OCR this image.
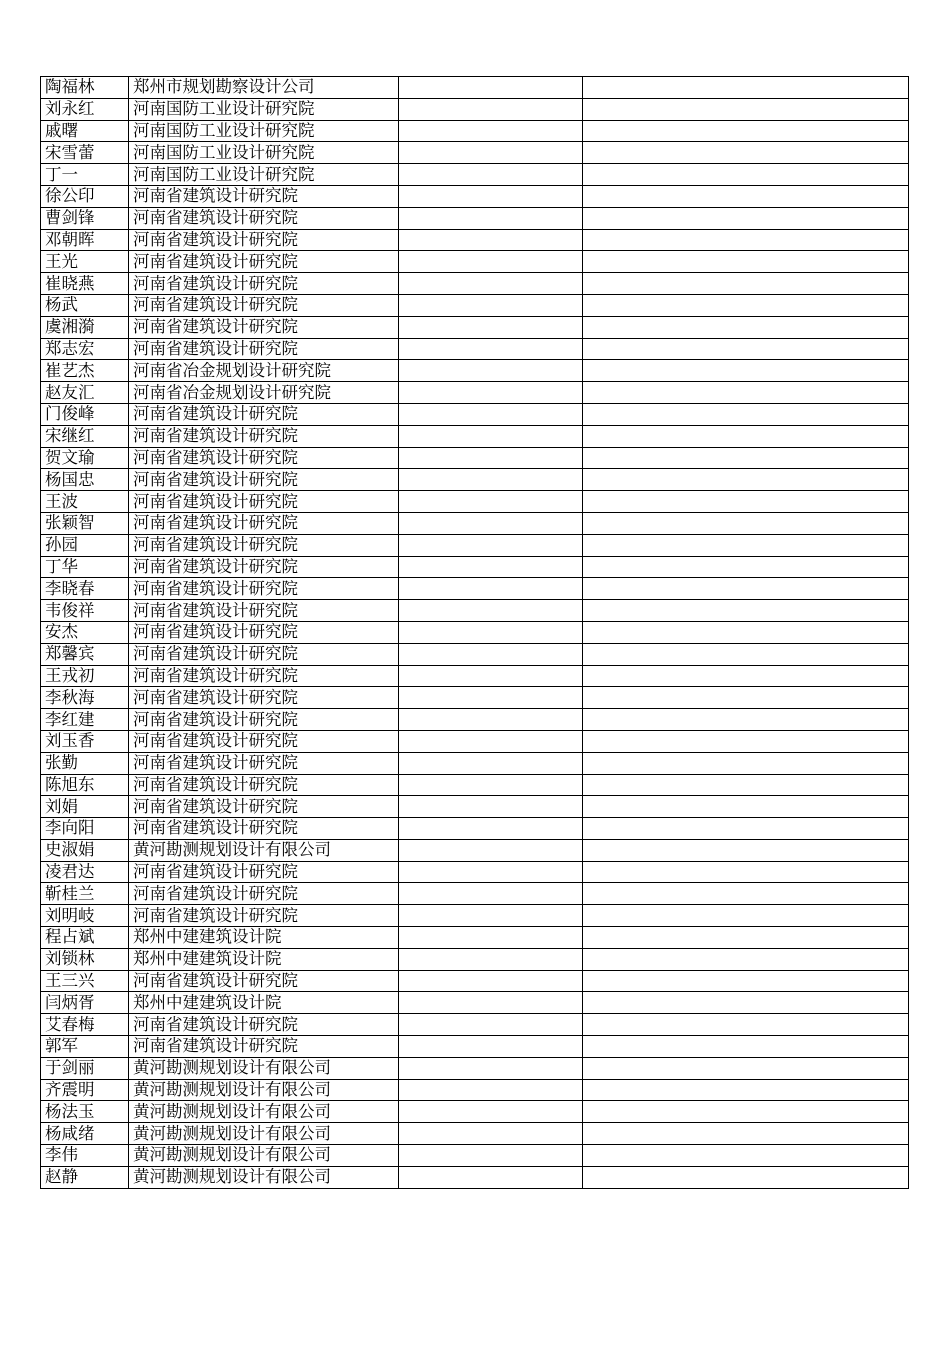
陶福林	郑州市规划勘察设计公司		
刘永红	河南国防工业设计研究院		
戚曙	河南国防工业设计研究院		
宋雪蕾	河南国防工业设计研究院		
丁一	河南国防工业设计研究院		
徐公印	河南省建筑设计研究院		
曹剑锋	河南省建筑设计研究院		
邓朝晖	河南省建筑设计研究院		
王光	河南省建筑设计研究院		
崔晓燕	河南省建筑设计研究院		
杨武	河南省建筑设计研究院		
虞湘漪	河南省建筑设计研究院		
郑志宏	河南省建筑设计研究院		
崔艺杰	河南省冶金规划设计研究院		
赵友汇	河南省冶金规划设计研究院		
门俊峰	河南省建筑设计研究院		
宋继红	河南省建筑设计研究院		
贺文瑜	河南省建筑设计研究院		
杨国忠	河南省建筑设计研究院		
王波	河南省建筑设计研究院		
张颖智	河南省建筑设计研究院		
孙园	河南省建筑设计研究院		
丁华	河南省建筑设计研究院		
李晓春	河南省建筑设计研究院		
韦俊祥	河南省建筑设计研究院		
安杰	河南省建筑设计研究院		
郑馨宾	河南省建筑设计研究院		
王戎初	河南省建筑设计研究院		
李秋海	河南省建筑设计研究院		
李红建	河南省建筑设计研究院		
刘玉香	河南省建筑设计研究院		
张勤	河南省建筑设计研究院		
陈旭东	河南省建筑设计研究院		
刘娟	河南省建筑设计研究院		
李向阳	河南省建筑设计研究院		
史淑娟	黄河勘测规划设计有限公司		
凌君达	河南省建筑设计研究院		
靳桂兰	河南省建筑设计研究院		
刘明岐	河南省建筑设计研究院		
程占斌	郑州中建建筑设计院		
刘锁林	郑州中建建筑设计院		
王三兴	河南省建筑设计研究院		
闫炳胥	郑州中建建筑设计院		
艾春梅	河南省建筑设计研究院		
郭军	河南省建筑设计研究院		
于剑丽	黄河勘测规划设计有限公司		
齐震明	黄河勘测规划设计有限公司		
杨法玉	黄河勘测规划设计有限公司		
杨咸绪	黄河勘测规划设计有限公司		
李伟	黄河勘测规划设计有限公司		
赵静	黄河勘测规划设计有限公司		
